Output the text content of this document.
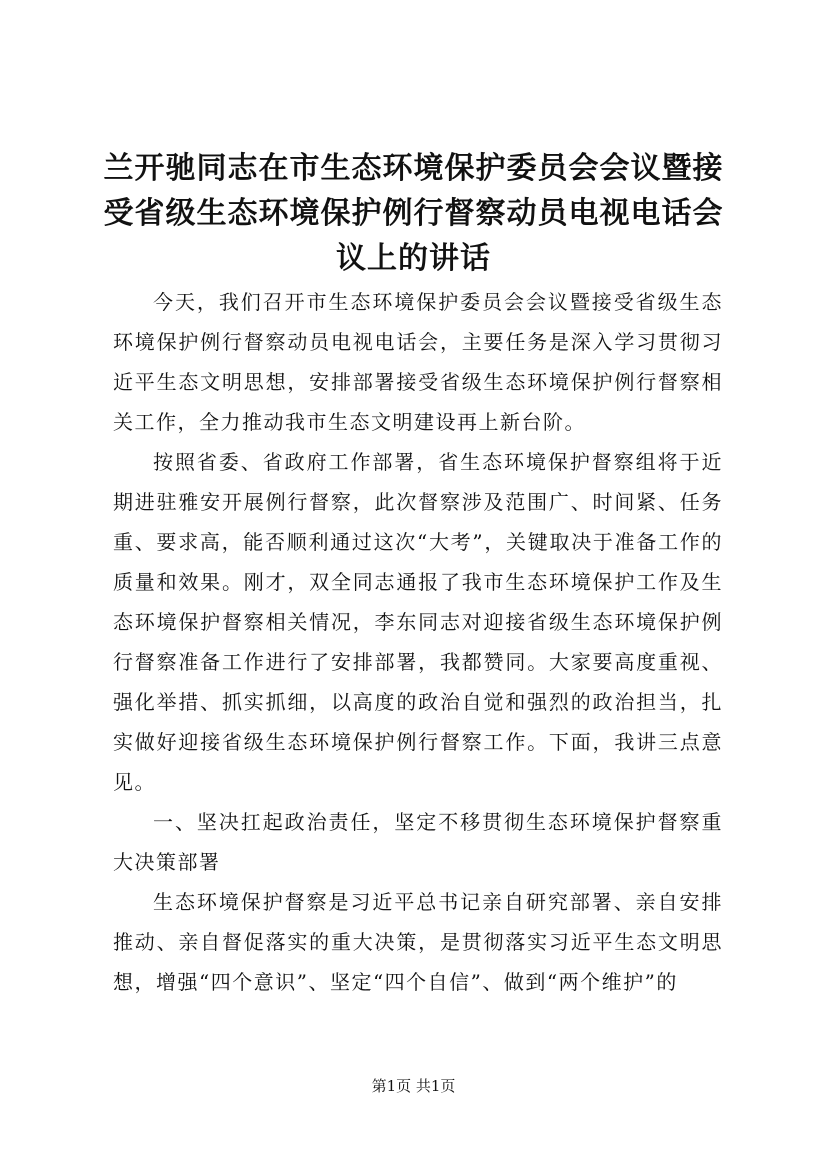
兰开驰同志在市生态环境保护委员会会议暨接受省级生态环境保护例行督察动员电视电话会议上的讲话

今天，我们召开市生态环境保护委员会会议暨接受省级生态环境保护例行督察动员电视电话会，主要任务是深入学习贯彻习近平生态文明思想，安排部署接受省级生态环境保护例行督察相关工作，全力推动我市生态文明建设再上新台阶。

按照省委、省政府工作部署，省生态环境保护督察组将于近期进驻雅安开展例行督察，此次督察涉及范围广、时间紧、任务重、要求高，能否顺利通过这次“大考”，关键取决于准备工作的质量和效果。刚才，双全同志通报了我市生态环境保护工作及生态环境保护督察相关情况，李东同志对迎接省级生态环境保护例行督察准备工作进行了安排部署，我都赞同。大家要高度重视、强化举措、抓实抓细，以高度的政治自觉和强烈的政治担当，扎实做好迎接省级生态环境保护例行督察工作。下面，我讲三点意见。

一、坚决扛起政治责任，坚定不移贯彻生态环境保护督察重大决策部署

生态环境保护督察是习近平总书记亲自研究部署、亲自安排推动、亲自督促落实的重大决策，是贯彻落实习近平生态文明思想，增强“四个意识”、坚定“四个自信”、做到“两个维护”的

第1页 共1页
